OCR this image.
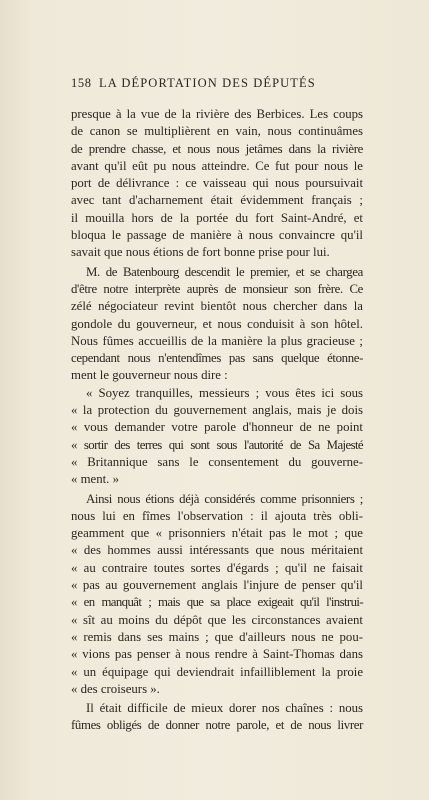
158 LA DÉPORTATION DES DÉPUTÉS
presque à la vue de la rivière des Berbices. Les coups
de canon se multiplièrent en vain, nous continuâmes
de prendre chasse, et nous nous jetâmes dans la rivière
avant qu'il eût pu nous atteindre. Ce fut pour nous le
port de délivrance : ce vaisseau qui nous poursuivait
avec tant d'acharnement était évidemment français ;
il mouilla hors de la portée du fort Saint-André, et
bloqua le passage de manière à nous convaincre qu'il
savait que nous étions de fort bonne prise pour lui.
M. de Batenbourg descendit le premier, et se chargea
d'être notre interprète auprès de monsieur son frère. Ce
zélé négociateur revint bientôt nous chercher dans la
gondole du gouverneur, et nous conduisit à son hôtel.
Nous fûmes accueillis de la manière la plus gracieuse ;
cependant nous n'entendîmes pas sans quelque étonne-
ment le gouverneur nous dire :
« Soyez tranquilles, messieurs ; vous êtes ici sous
« la protection du gouvernement anglais, mais je dois
« vous demander votre parole d'honneur de ne point
« sortir des terres qui sont sous l'autorité de Sa Majesté
« Britannique sans le consentement du gouverne-
« ment. »
Ainsi nous étions déjà considérés comme prisonniers ;
nous lui en fîmes l'observation : il ajouta très obli-
geamment que « prisonniers n'était pas le mot ; que
« des hommes aussi intéressants que nous méritaient
« au contraire toutes sortes d'égards ; qu'il ne faisait
« pas au gouvernement anglais l'injure de penser qu'il
« en manquât ; mais que sa place exigeait qu'il l'instrui-
« sît au moins du dépôt que les circonstances avaient
« remis dans ses mains ; que d'ailleurs nous ne pou-
« vions pas penser à nous rendre à Saint-Thomas dans
« un équipage qui deviendrait infailliblement la proie
« des croiseurs ».
Il était difficile de mieux dorer nos chaînes : nous
fûmes obligés de donner notre parole, et de nous livrer
